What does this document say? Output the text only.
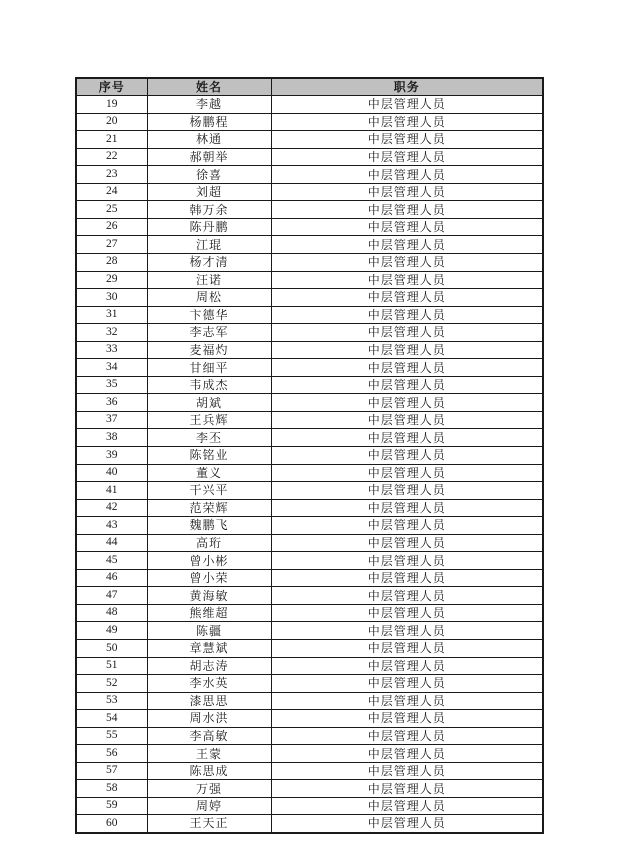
序号	姓名	职务
19	李越	中层管理人员
20	杨鹏程	中层管理人员
21	林通	中层管理人员
22	郝朝举	中层管理人员
23	徐喜	中层管理人员
24	刘超	中层管理人员
25	韩万余	中层管理人员
26	陈丹鹏	中层管理人员
27	江琨	中层管理人员
28	杨才清	中层管理人员
29	汪诺	中层管理人员
30	周松	中层管理人员
31	卞德华	中层管理人员
32	李志军	中层管理人员
33	麦福灼	中层管理人员
34	甘细平	中层管理人员
35	韦成杰	中层管理人员
36	胡斌	中层管理人员
37	王兵辉	中层管理人员
38	李丕	中层管理人员
39	陈铭业	中层管理人员
40	董义	中层管理人员
41	干兴平	中层管理人员
42	范荣辉	中层管理人员
43	魏鹏飞	中层管理人员
44	高珩	中层管理人员
45	曾小彬	中层管理人员
46	曾小荣	中层管理人员
47	黄海敏	中层管理人员
48	熊维超	中层管理人员
49	陈疆	中层管理人员
50	章慧斌	中层管理人员
51	胡志涛	中层管理人员
52	李水英	中层管理人员
53	漆思思	中层管理人员
54	周水洪	中层管理人员
55	李高敏	中层管理人员
56	王蒙	中层管理人员
57	陈思成	中层管理人员
58	万强	中层管理人员
59	周婷	中层管理人员
60	王天正	中层管理人员
